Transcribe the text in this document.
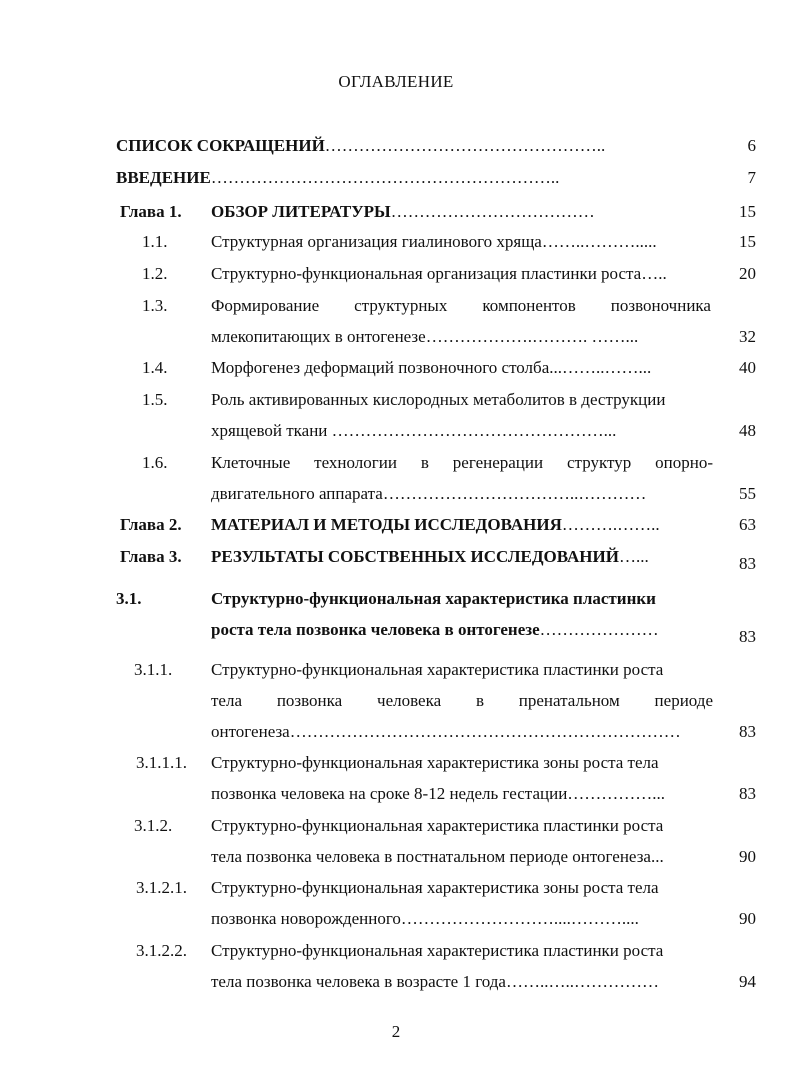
ОГЛАВЛЕНИЕ
СПИСОК СОКРАЩЕНИЙ…………………………………………..	6
ВВЕДЕНИЕ……………………………………………………..	7
Глава 1. ОБЗОР ЛИТЕРАТУРЫ………………………………	15
1.1.	Структурная организация гиалинового хряща……..……….....	15
1.2.	Структурно-функциональная организация пластинки роста…..	20
1.3.	Формирование структурных компонентов позвоночника
млекопитающих в онтогенезе……………….………. ……...	32
1.4.	Морфогенез деформаций позвоночного столба...……..……...	40
1.5.	Роль активированных кислородных метаболитов в деструкции
хрящевой ткани …………………………………………...	48
1.6.	Клеточные технологии в регенерации структур опорно-
двигательного аппарата……………………………..…………	55
Глава 2. МАТЕРИАЛ И МЕТОДЫ ИССЛЕДОВАНИЯ……….……..	63
Глава 3. РЕЗУЛЬТАТЫ СОБСТВЕННЫХ ИССЛЕДОВАНИЙ…...	83
3.1.	Структурно-функциональная характеристика пластинки
роста тела позвонка человека в онтогенезе…………………	83
3.1.1. Структурно-функциональная характеристика пластинки роста
тела позвонка человека в пренатальном периоде
онтогенеза……………………………………………………………	83
3.1.1.1. Структурно-функциональная характеристика зоны роста тела
позвонка человека на сроке 8-12 недель гестации……………...	83
3.1.2. Структурно-функциональная характеристика пластинки роста
тела позвонка человека в постнатальном периоде онтогенеза...	90
3.1.2.1. Структурно-функциональная характеристика зоны роста тела
позвонка новорожденного………………………....………....	90
3.1.2.2. Структурно-функциональная характеристика пластинки роста
тела позвонка человека в возрасте 1 года……..…..……………	94
2
